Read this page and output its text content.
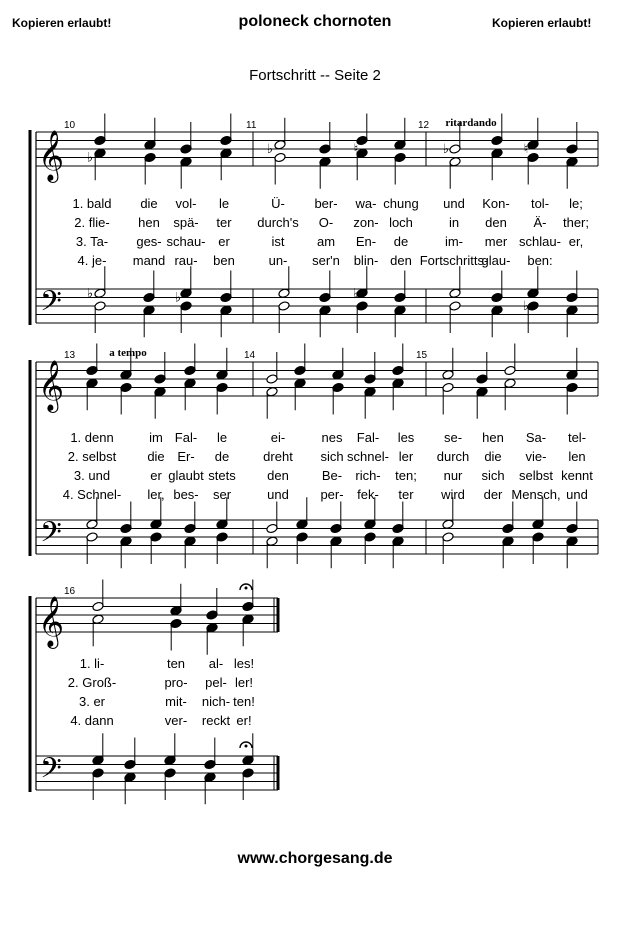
Kopieren erlaubt!	poloneck chornoten	Kopieren erlaubt!
Fortschritt -- Seite 2
𝄞 ♭
♭	♮	♭	♮
𝄢 ♭	♭	♭
♭
10	11	12 ritardando
1. bald die vol- le	Ü- ber- wa- chung und Kon- tol- le;
2. flie- hen spä- ter durch's O- zon- loch	in den Ä- ther;
3. Ta- ges- schau- er	ist am En- de	im- mer schlau- er,
4. je- mand rau- ben	un- ser'n blin- den Fortschritts-
glau- ben:
𝄞
𝄢
13	14	15
a tempo
1. denn	im Fal- le	ei-	nes Fal- les se- hen Sa- tel-
2. selbst die Er- de	dreht sich schnel- ler durch die vie- len
3. und	er glaubt stets den	Be- rich- ten; nur sich selbst kennt
4. Schnel- ler, bes- ser	und per- fek- ter wird der Mensch, und
𝄞
𝄢
16
1. li-	ten al- les!
2. Groß-	pro- pel- ler!
3. er	mit- nich- ten!
4. dann	ver- reckt er!
www.chorgesang.de
